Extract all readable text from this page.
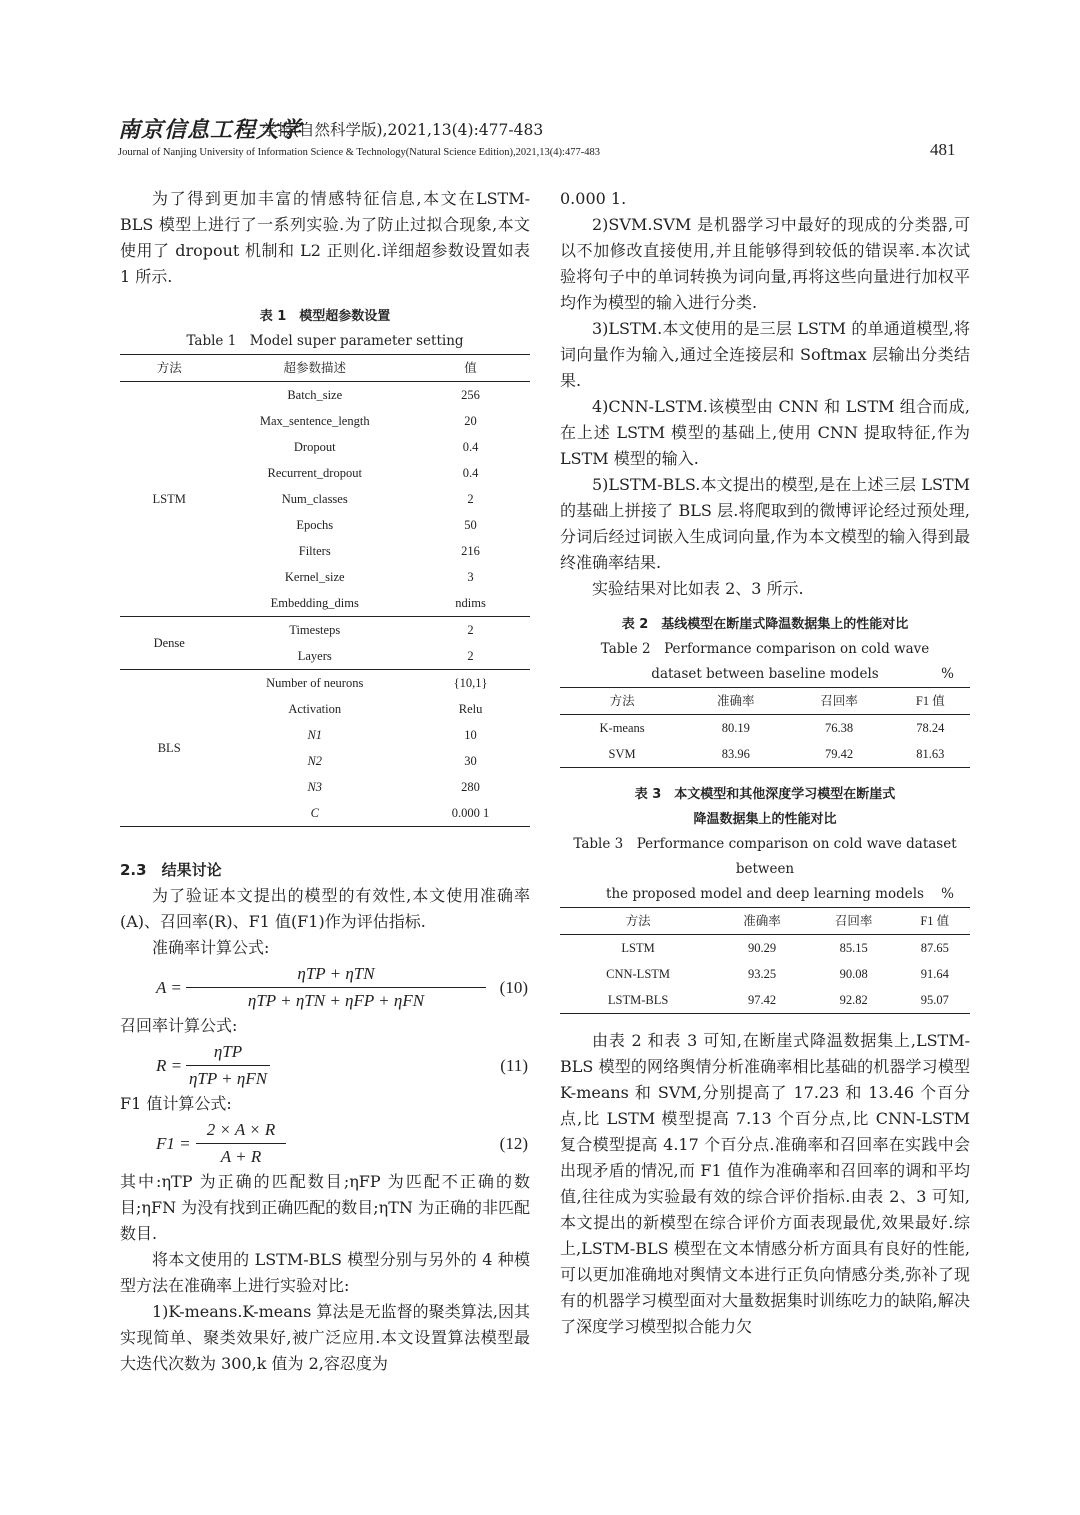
南京信息工程大学
学报(自然科学版),2021,13(4):477-483
Journal of Nanjing University of Information Science & Technology(Natural Science Edition),2021,13(4):477-483	481

为了得到更加丰富的情感特征信息,本文在LSTM-BLS 模型上进行了一系列实验.为了防止过拟合现象,本文使用了 dropout 机制和 L2 正则化.详细超参数设置如表 1 所示.

表 1　模型超参数设置
Table 1　Model super parameter setting
方法	超参数描述	值
LSTM	Batch_size	256
	Max_sentence_length	20
	Dropout	0.4
	Recurrent_dropout	0.4
	Num_classes	2
	Epochs	50
	Filters	216
	Kernel_size	3
	Embedding_dims	ndims
Dense	Timesteps	2
	Layers	2
BLS	Number of neurons	{10,1}
	Activation	Relu
	N1	10
	N2	30
	N3	280
	C	0.000 1
2.3　结果讨论

为了验证本文提出的模型的有效性,本文使用准确率(A)、召回率(R)、F1 值(F1)作为评估指标.

准确率计算公式:

A =
ηTP + ηTN
ηTP + ηTN + ηFP + ηFN
(10)

召回率计算公式:

R =
ηTP
ηTP + ηFN
(11)

F1 值计算公式:

$F1 = \frac{2 \times A \times R}{A + R}$	(12)

其中:ηTP 为正确的匹配数目;ηFP 为匹配不正确的数目;ηFN 为没有找到正确匹配的数目;ηTN 为正确的非匹配数目.

将本文使用的 LSTM-BLS 模型分别与另外的 4 种模型方法在准确率上进行实验对比:

1)K-means.K-means 算法是无监督的聚类算法,因其实现简单、聚类效果好,被广泛应用.本文设置算法模型最大迭代次数为 300,k 值为 2,容忍度为

0.000 1.

2)SVM.SVM 是机器学习中最好的现成的分类器,可以不加修改直接使用,并且能够得到较低的错误率.本次试验将句子中的单词转换为词向量,再将这些向量进行加权平均作为模型的输入进行分类.

3)LSTM.本文使用的是三层 LSTM 的单通道模型,将词向量作为输入,通过全连接层和 Softmax 层输出分类结果.

4)CNN-LSTM.该模型由 CNN 和 LSTM 组合而成,在上述 LSTM 模型的基础上,使用 CNN 提取特征,作为 LSTM 模型的输入.

5)LSTM-BLS.本文提出的模型,是在上述三层 LSTM 的基础上拼接了 BLS 层.将爬取到的微博评论经过预处理,分词后经过词嵌入生成词向量,作为本文模型的输入得到最终准确率结果.

实验结果对比如表 2、3 所示.

表 2　基线模型在断崖式降温数据集上的性能对比
Table 2　Performance comparison on cold wave
dataset between baseline models	%
方法	准确率	召回率	F1 值
K-means	80.19	76.38	78.24
SVM	83.96	79.42	81.63
表 3　本文模型和其他深度学习模型在断崖式
降温数据集上的性能对比
Table 3　Performance comparison on cold wave dataset between
the proposed model and deep learning models %
方法	准确率	召回率	F1 值
LSTM	90.29	85.15	87.65
CNN-LSTM	93.25	90.08	91.64
LSTM-BLS	97.42	92.82	95.07

由表 2 和表 3 可知,在断崖式降温数据集上,LSTM-BLS 模型的网络舆情分析准确率相比基础的机器学习模型 K-means 和 SVM,分别提高了 17.23 和 13.46 个百分点,比 LSTM 模型提高 7.13 个百分点,比 CNN-LSTM 复合模型提高 4.17 个百分点.准确率和召回率在实践中会出现矛盾的情况,而 F1 值作为准确率和召回率的调和平均值,往往成为实验最有效的综合评价指标.由表 2、3 可知,本文提出的新模型在综合评价方面表现最优,效果最好.综上,LSTM-BLS 模型在文本情感分析方面具有良好的性能,可以更加准确地对舆情文本进行正负向情感分类,弥补了现有的机器学习模型面对大量数据集时训练吃力的缺陷,解决了深度学习模型拟合能力欠
